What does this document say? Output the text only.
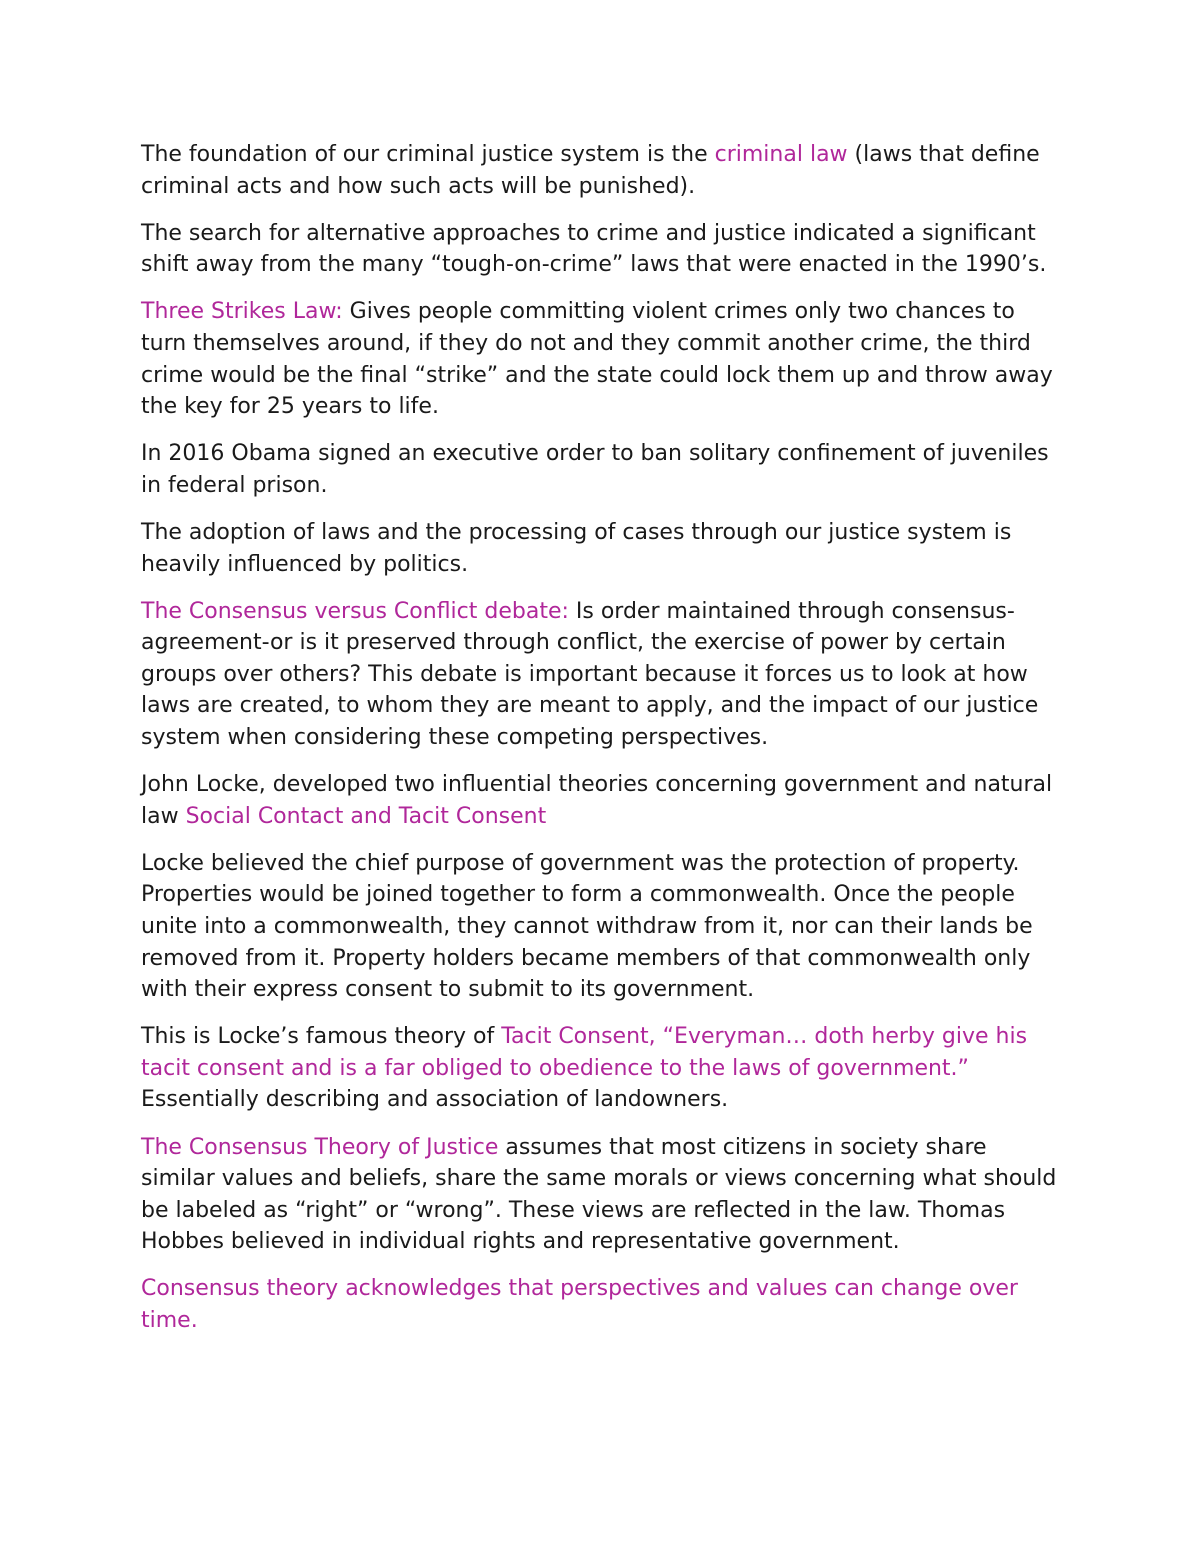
The foundation of our criminal justice system is the criminal law (laws that define criminal acts and how such acts will be punished).

The search for alternative approaches to crime and justice indicated a significant shift away from the many “tough-on-crime” laws that were enacted in the 1990’s.

Three Strikes Law: Gives people committing violent crimes only two chances to turn themselves around, if they do not and they commit another crime, the third crime would be the final “strike” and the state could lock them up and throw away the key for 25 years to life.

In 2016 Obama signed an executive order to ban solitary confinement of juveniles in federal prison.

The adoption of laws and the processing of cases through our justice system is heavily influenced by politics.

The Consensus versus Conflict debate: Is order maintained through consensus-agreement-or is it preserved through conflict, the exercise of power by certain groups over others? This debate is important because it forces us to look at how laws are created, to whom they are meant to apply, and the impact of our justice system when considering these competing perspectives.

John Locke, developed two influential theories concerning government and natural law Social Contact and Tacit Consent

Locke believed the chief purpose of government was the protection of property. Properties would be joined together to form a commonwealth. Once the people unite into a commonwealth, they cannot withdraw from it, nor can their lands be removed from it. Property holders became members of that commonwealth only with their express consent to submit to its government.

This is Locke’s famous theory of Tacit Consent, “Everyman… doth herby give his tacit consent and is a far obliged to obedience to the laws of government.” Essentially describing and association of landowners.

The Consensus Theory of Justice assumes that most citizens in society share similar values and beliefs, share the same morals or views concerning what should be labeled as “right” or “wrong”. These views are reflected in the law. Thomas Hobbes believed in individual rights and representative government.

Consensus theory acknowledges that perspectives and values can change over time.
